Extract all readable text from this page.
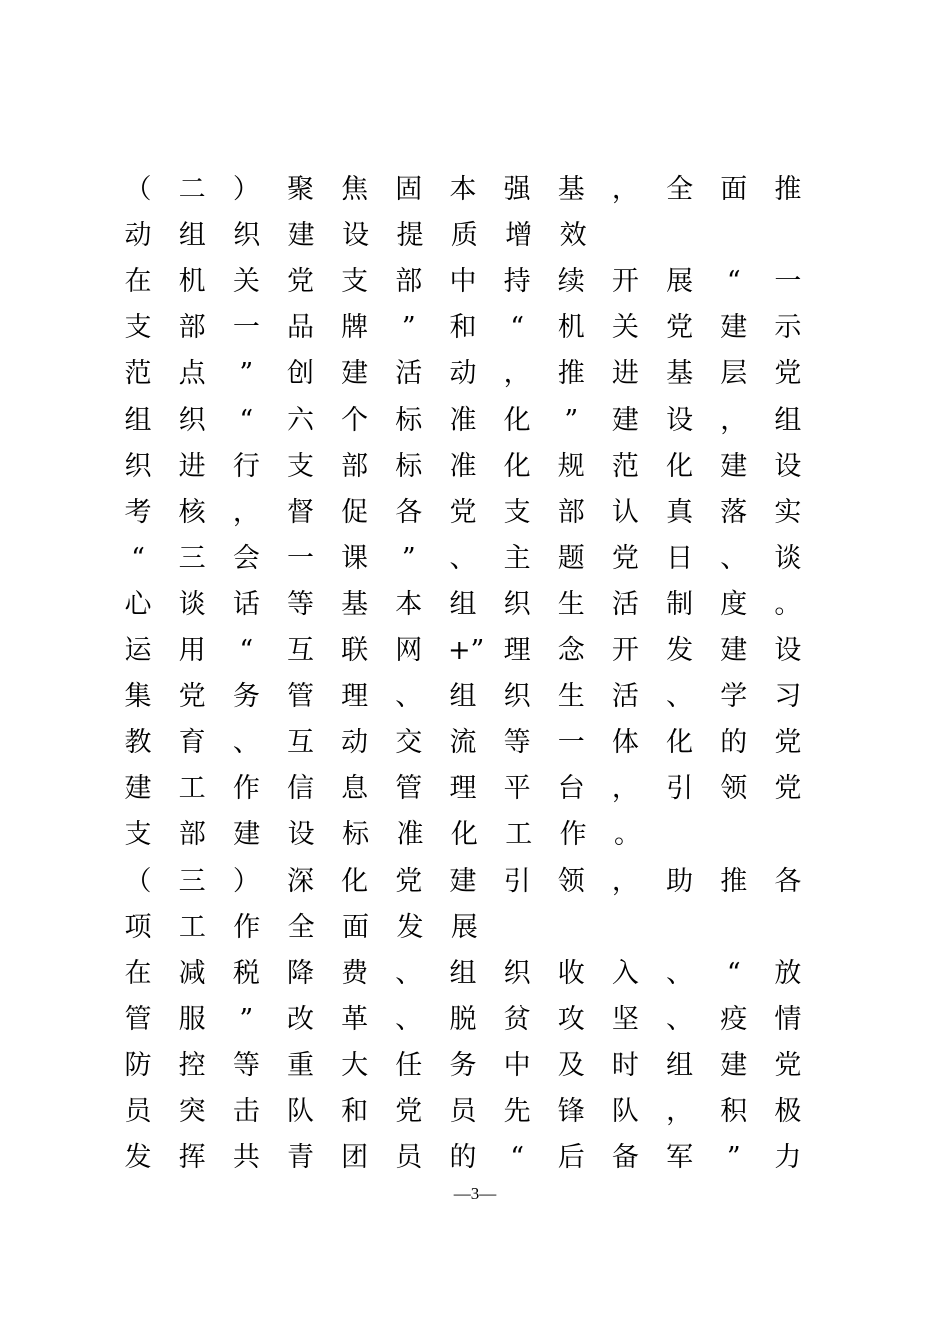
（ 二 ） 聚 焦 固 本 强 基 ， 全 面 推
动 组 织 建 设 提 质 增 效
在 机 关 党 支 部 中 持 续 开 展 “ 一
支 部 一 品 牌 ” 和 “ 机 关 党 建 示
范 点 ” 创 建 活 动 ， 推 进 基 层 党
组 织 “ 六 个 标 准 化 ” 建 设 ， 组
织 进 行 支 部 标 准 化 规 范 化 建 设
考 核 ， 督 促 各 党 支 部 认 真 落 实
“ 三 会 一 课 ” 、 主 题 党 日 、 谈
心 谈 话 等 基 本 组 织 生 活 制 度 。
运 用 “ 互 联 网 +” 理 念 开 发 建 设
集 党 务 管 理 、 组 织 生 活 、 学 习
教 育 、 互 动 交 流 等 一 体 化 的 党
建 工 作 信 息 管 理 平 台 ， 引 领 党
支 部 建 设 标 准 化 工 作 。
（ 三 ） 深 化 党 建 引 领 ， 助 推 各
项 工 作 全 面 发 展
在 减 税 降 费 、 组 织 收 入 、 “ 放
管 服 ” 改 革 、 脱 贫 攻 坚 、 疫 情
防 控 等 重 大 任 务 中 及 时 组 建 党
员 突 击 队 和 党 员 先 锋 队 ， 积 极
发 挥 共 青 团 员 的 “ 后 备 军 ” 力
—3—
